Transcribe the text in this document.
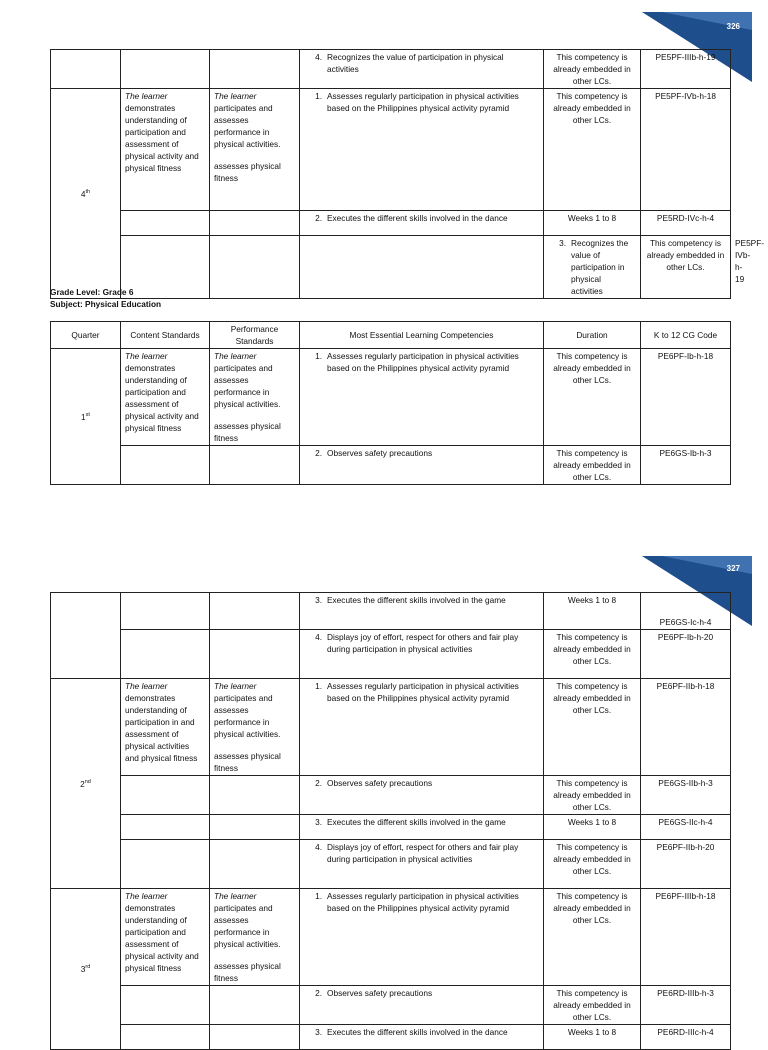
326

			4. Recognizes the value of participation in physical activities	This competency is already embedded in other LCs.	PE5PF-IIIb-h-19	
4th	The learner
demonstrates understanding of participation and assessment of physical activity and physical fitness	The learner
participates and assesses performance in physical activities.
assesses physical fitness	1. Assesses regularly participation in physical activities based on the Philippines physical activity pyramid	This competency is already embedded in other LCs.	PE5PF-IVb-h-18	

			2. Executes the different skills involved in the dance	Weeks 1 to 8	PE5RD-IVc-h-4	

				3. Recognizes the value of participation in physical activities	This competency is already embedded in other LCs.	PE5PF-IVb-h-19
Grade Level: Grade 6
Subject: Physical Education
Quarter	Content Standards	Performance Standards	Most Essential Learning Competencies	Duration	K to 12 CG Code
1st	The learner
demonstrates understanding of participation and assessment of physical activity and physical fitness	The learner
participates and assesses performance in physical activities.
assesses physical fitness	1. Assesses regularly participation in physical activities based on the Philippines physical activity pyramid	This competency is already embedded in other LCs.	PE6PF-Ib-h-18

			2. Observes safety precautions	This competency is already embedded in other LCs.	PE6GS-Ib-h-3
327

			3. Executes the different skills involved in the game	Weeks 1 to 8	PE6GS-Ic-h-4

			4. Displays joy of effort, respect for others and fair play during participation in physical activities	This competency is already embedded in other LCs.	PE6PF-Ib-h-20
2nd	The learner
demonstrates understanding of participation in and assessment of physical activities and physical fitness	The learner
participates and assesses performance in physical activities.
assesses physical fitness	1. Assesses regularly participation in physical activities based on the Philippines physical activity pyramid	This competency is already embedded in other LCs.	PE6PF-IIb-h-18

			2. Observes safety precautions	This competency is already embedded in other LCs.	PE6GS-IIb-h-3

			3. Executes the different skills involved in the game	Weeks 1 to 8	PE6GS-IIc-h-4

			4. Displays joy of effort, respect for others and fair play during participation in physical activities	This competency is already embedded in other LCs.	PE6PF-IIb-h-20
3rd	The learner
demonstrates understanding of participation and assessment of physical activity and physical fitness	The learner
participates and assesses performance in physical activities.
assesses physical fitness	1. Assesses regularly participation in physical activities based on the Philippines physical activity pyramid	This competency is already embedded in other LCs.	PE6PF-IIIb-h-18

			2. Observes safety precautions	This competency is already embedded in other LCs.	PE6RD-IIIb-h-3

			3. Executes the different skills involved in the dance	Weeks 1 to 8	PE6RD-IIIc-h-4
